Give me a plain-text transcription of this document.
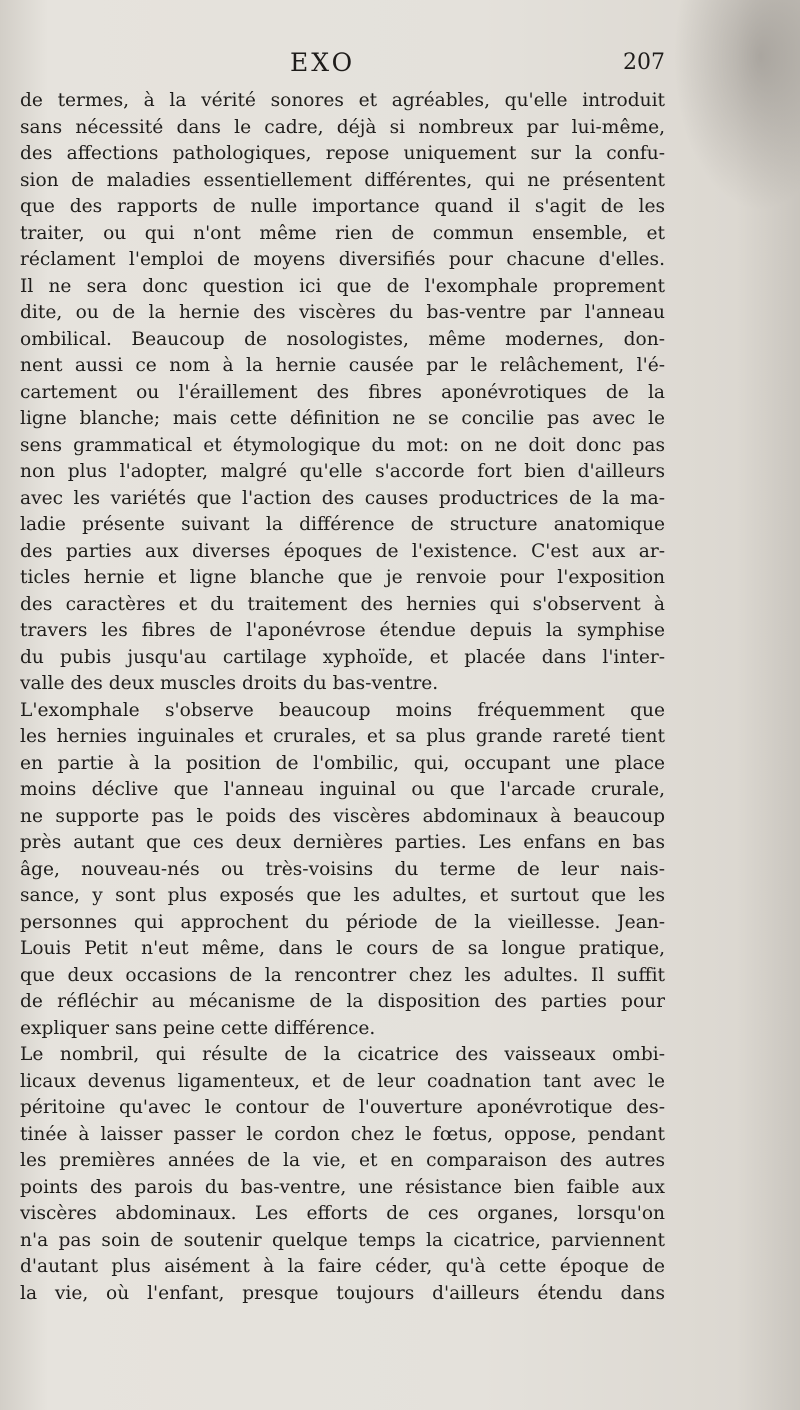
EXO	207
de termes, à la vérité sonores et agréables, qu'elle introduit
sans nécessité dans le cadre, déjà si nombreux par lui-même,
des affections pathologiques, repose uniquement sur la confu-
sion de maladies essentiellement différentes, qui ne présentent
que des rapports de nulle importance quand il s'agit de les
traiter, ou qui n'ont même rien de commun ensemble, et
réclament l'emploi de moyens diversifiés pour chacune d'elles.
Il ne sera donc question ici que de l'exomphale proprement
dite, ou de la hernie des viscères du bas-ventre par l'anneau
ombilical. Beaucoup de nosologistes, même modernes, don-
nent aussi ce nom à la hernie causée par le relâchement, l'é-
cartement ou l'éraillement des fibres aponévrotiques de la
ligne blanche; mais cette définition ne se concilie pas avec le
sens grammatical et étymologique du mot: on ne doit donc pas
non plus l'adopter, malgré qu'elle s'accorde fort bien d'ailleurs
avec les variétés que l'action des causes productrices de la ma-
ladie présente suivant la différence de structure anatomique
des parties aux diverses époques de l'existence. C'est aux ar-
ticles hernie et ligne blanche que je renvoie pour l'exposition
des caractères et du traitement des hernies qui s'observent à
travers les fibres de l'aponévrose étendue depuis la symphise
du pubis jusqu'au cartilage xyphoïde, et placée dans l'inter-
valle des deux muscles droits du bas-ventre.
L'exomphale s'observe beaucoup moins fréquemment que
les hernies inguinales et crurales, et sa plus grande rareté tient
en partie à la position de l'ombilic, qui, occupant une place
moins déclive que l'anneau inguinal ou que l'arcade crurale,
ne supporte pas le poids des viscères abdominaux à beaucoup
près autant que ces deux dernières parties. Les enfans en bas
âge, nouveau-nés ou très-voisins du terme de leur nais-
sance, y sont plus exposés que les adultes, et surtout que les
personnes qui approchent du période de la vieillesse. Jean-
Louis Petit n'eut même, dans le cours de sa longue pratique,
que deux occasions de la rencontrer chez les adultes. Il suffit
de réfléchir au mécanisme de la disposition des parties pour
expliquer sans peine cette différence.
Le nombril, qui résulte de la cicatrice des vaisseaux ombi-
licaux devenus ligamenteux, et de leur coadnation tant avec le
péritoine qu'avec le contour de l'ouverture aponévrotique des-
tinée à laisser passer le cordon chez le fœtus, oppose, pendant
les premières années de la vie, et en comparaison des autres
points des parois du bas-ventre, une résistance bien faible aux
viscères abdominaux. Les efforts de ces organes, lorsqu'on
n'a pas soin de soutenir quelque temps la cicatrice, parviennent
d'autant plus aisément à la faire céder, qu'à cette époque de
la vie, où l'enfant, presque toujours d'ailleurs étendu dans
